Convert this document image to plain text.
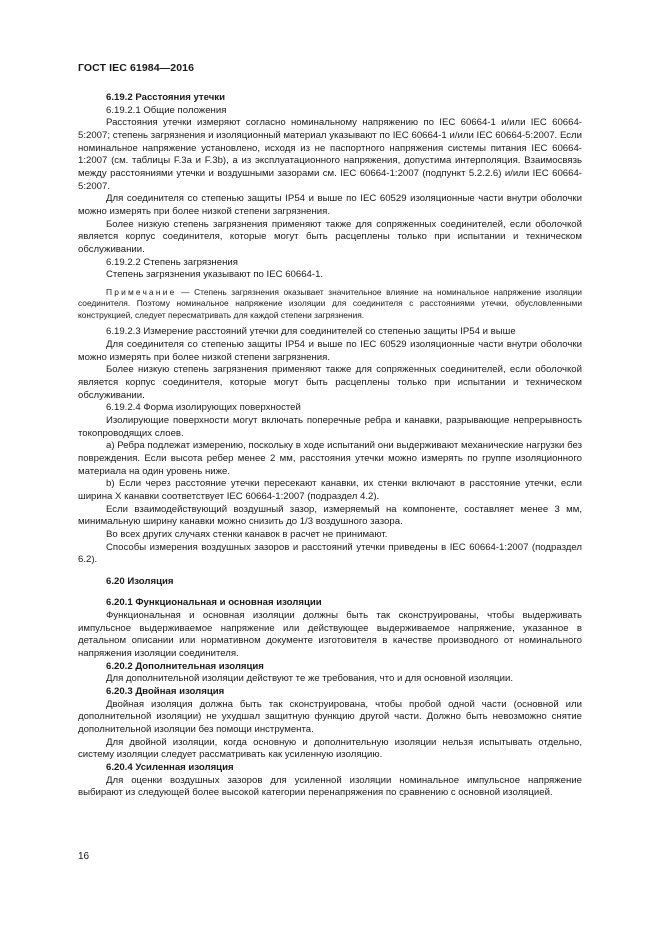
ГОСТ IEC 61984—2016

6.19.2 Расстояния утечки

6.19.2.1 Общие положения

Расстояния утечки измеряют согласно номинальному напряжению по IEC 60664-1 и/или IEC 60664-5:2007; степень загрязнения и изоляционный материал указывают по IEC 60664-1 и/или IEC 60664-5:2007. Если номинальное напряжение установлено, исходя из не паспортного напряжения системы питания IEC 60664-1:2007 (см. таблицы F.3a и F.3b), а из эксплуатационного напряжения, допустима интерполяция. Взаимосвязь между расстояниями утечки и воздушными зазорами см. IEC 60664-1:2007 (подпункт 5.2.2.6) и/или IEC 60664-5:2007.

Для соединителя со степенью защиты IP54 и выше по IEC 60529 изоляционные части внутри оболочки можно измерять при более низкой степени загрязнения.

Более низкую степень загрязнения применяют также для сопряженных соединителей, если оболочкой является корпус соединителя, которые могут быть расцеплены только при испытании и техническом обслуживании.

6.19.2.2 Степень загрязнения

Степень загрязнения указывают по IEC 60664-1.

Примечание — Степень загрязнения оказывает значительное влияние на номинальное напряжение изоляции соединителя. Поэтому номинальное напряжение изоляции для соединителя с расстояниями утечки, обусловленными конструкцией, следует пересматривать для каждой степени загрязнения.

6.19.2.3 Измерение расстояний утечки для соединителей со степенью защиты IP54 и выше

Для соединителя со степенью защиты IP54 и выше по IEC 60529 изоляционные части внутри оболочки можно измерять при более низкой степени загрязнения.

Более низкую степень загрязнения применяют также для сопряженных соединителей, если оболочкой является корпус соединителя, которые могут быть расцеплены только при испытании и техническом обслуживании.

6.19.2.4 Форма изолирующих поверхностей

Изолирующие поверхности могут включать поперечные ребра и канавки, разрывающие непрерывность токопроводящих слоев.

a) Ребра подлежат измерению, поскольку в ходе испытаний они выдерживают механические нагрузки без повреждения. Если высота ребер менее 2 мм, расстояния утечки можно измерять по группе изоляционного материала на один уровень ниже.

b) Если через расстояние утечки пересекают канавки, их стенки включают в расстояние утечки, если ширина X канавки соответствует IEC 60664-1:2007 (подраздел 4.2).

Если взаимодействующий воздушный зазор, измеряемый на компоненте, составляет менее 3 мм, минимальную ширину канавки можно снизить до 1/3 воздушного зазора.

Во всех других случаях стенки канавок в расчет не принимают.

Способы измерения воздушных зазоров и расстояний утечки приведены в IEC 60664-1:2007 (подраздел 6.2).

6.20 Изоляция

6.20.1 Функциональная и основная изоляции

Функциональная и основная изоляции должны быть так сконструированы, чтобы выдерживать импульсное выдерживаемое напряжение или действующее выдерживаемое напряжение, указанное в детальном описании или нормативном документе изготовителя в качестве производного от номинального напряжения изоляции соединителя.

6.20.2 Дополнительная изоляция

Для дополнительной изоляции действуют те же требования, что и для основной изоляции.

6.20.3 Двойная изоляция

Двойная изоляция должна быть так сконструирована, чтобы пробой одной части (основной или дополнительной изоляции) не ухудшал защитную функцию другой части. Должно быть невозможно снятие дополнительной изоляции без помощи инструмента.

Для двойной изоляции, когда основную и дополнительную изоляции нельзя испытывать отдельно, систему изоляции следует рассматривать как усиленную изоляцию.

6.20.4 Усиленная изоляция

Для оценки воздушных зазоров для усиленной изоляции номинальное импульсное напряжение выбирают из следующей более высокой категории перенапряжения по сравнению с основной изоляцией.

16
